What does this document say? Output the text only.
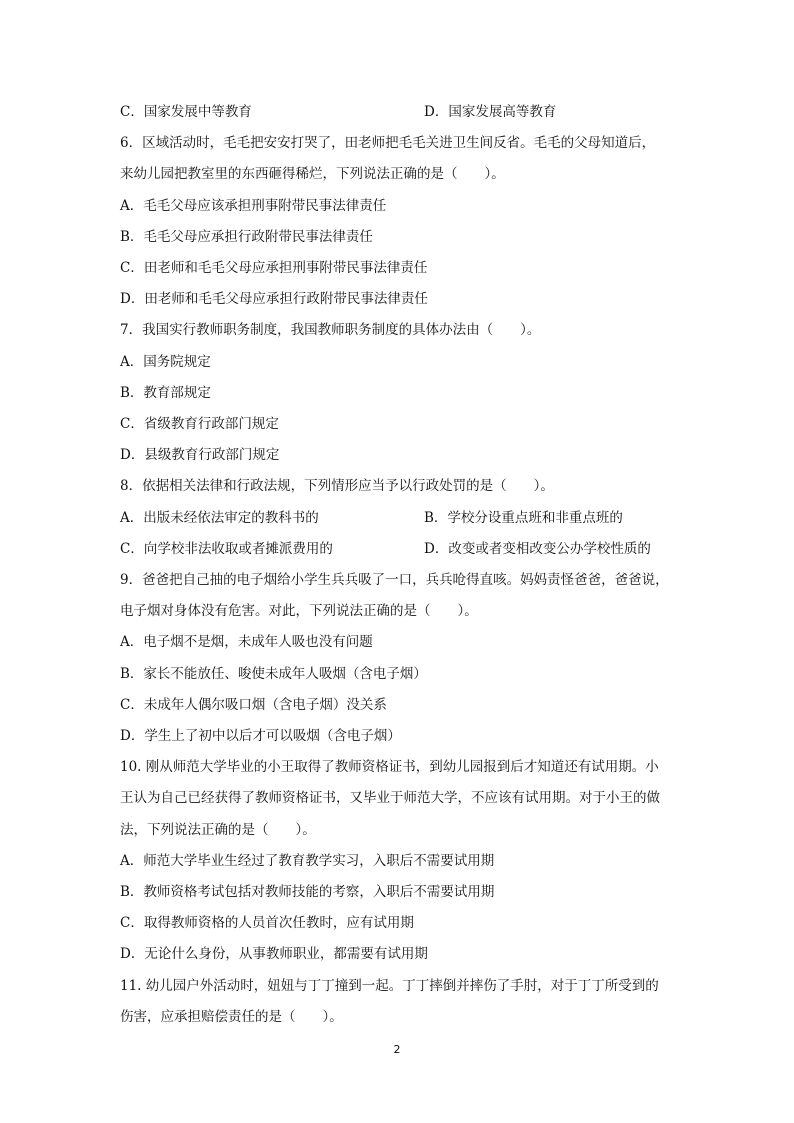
C．国家发展中等教育	D．国家发展高等教育
6．区域活动时，毛毛把安安打哭了，田老师把毛毛关进卫生间反省。毛毛的父母知道后，
来幼儿园把教室里的东西砸得稀烂，下列说法正确的是（　　）。
A．毛毛父母应该承担刑事附带民事法律责任
B．毛毛父母应承担行政附带民事法律责任
C．田老师和毛毛父母应承担刑事附带民事法律责任
D．田老师和毛毛父母应承担行政附带民事法律责任
7．我国实行教师职务制度，我国教师职务制度的具体办法由（　　）。
A．国务院规定
B．教育部规定
C．省级教育行政部门规定
D．县级教育行政部门规定
8．依据相关法律和行政法规，下列情形应当予以行政处罚的是（　　）。
A．出版未经依法审定的教科书的	B．学校分设重点班和非重点班的
C．向学校非法收取或者摊派费用的	D．改变或者变相改变公办学校性质的
9．爸爸把自己抽的电子烟给小学生兵兵吸了一口，兵兵呛得直咳。妈妈责怪爸爸，爸爸说，
电子烟对身体没有危害。对此，下列说法正确的是（　　）。
A．电子烟不是烟，未成年人吸也没有问题
B．家长不能放任、唆使未成年人吸烟（含电子烟）
C．未成年人偶尔吸口烟（含电子烟）没关系
D．学生上了初中以后才可以吸烟（含电子烟）
10. 刚从师范大学毕业的小王取得了教师资格证书，到幼儿园报到后才知道还有试用期。小
王认为自己已经获得了教师资格证书，又毕业于师范大学，不应该有试用期。对于小王的做
法，下列说法正确的是（　　）。
A．师范大学毕业生经过了教育教学实习，入职后不需要试用期
B．教师资格考试包括对教师技能的考察，入职后不需要试用期
C．取得教师资格的人员首次任教时，应有试用期
D．无论什么身份，从事教师职业，都需要有试用期
11. 幼儿园户外活动时，妞妞与丁丁撞到一起。丁丁摔倒并摔伤了手肘，对于丁丁所受到的
伤害，应承担赔偿责任的是（　　）。
2
